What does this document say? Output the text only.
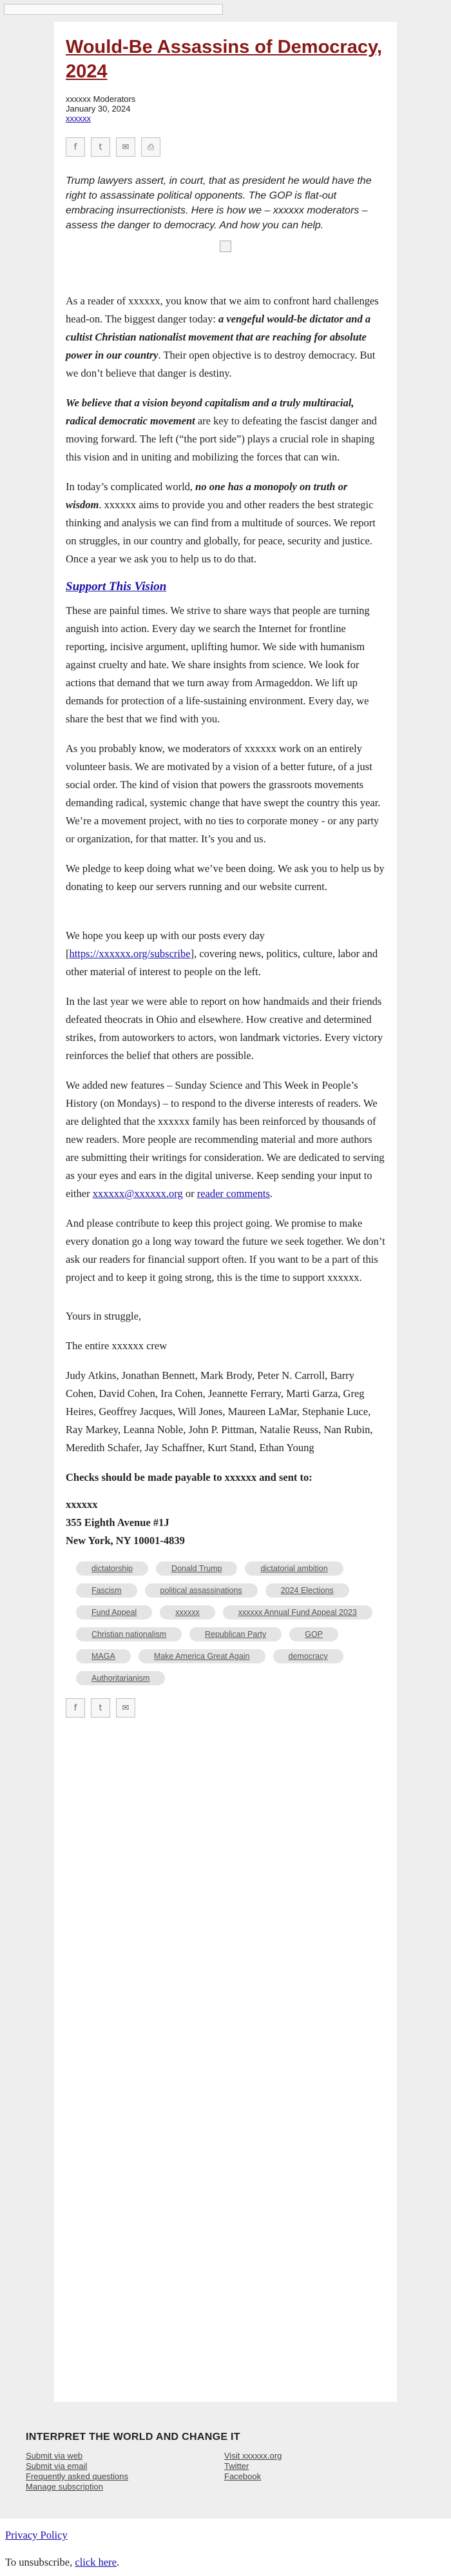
Would-Be Assassins of Democracy, 2024
xxxxxx Moderators
January 30, 2024
xxxxxx
f	t	✉	⎙

Trump lawyers assert, in court, that as president he would have the right to assassinate political opponents. The GOP is flat-out embracing insurrectionists. Here is how we – xxxxxx moderators – assess the danger to democracy. And how you can help.

As a reader of xxxxxx, you know that we aim to confront hard challenges head-on. The biggest danger today: a vengeful would-be dictator and a cultist Christian nationalist movement that are reaching for absolute power in our country. Their open objective is to destroy democracy. But we don’t believe that danger is destiny.

We believe that a vision beyond capitalism and a truly multiracial, radical democratic movement are key to defeating the fascist danger and moving forward. The left (“the port side”) plays a crucial role in shaping this vision and in uniting and mobilizing the forces that can win.

In today’s complicated world, no one has a monopoly on truth or wisdom. xxxxxx aims to provide you and other readers the best strategic thinking and analysis we can find from a multitude of sources. We report on struggles, in our country and globally, for peace, security and justice. Once a year we ask you to help us to do that.

Support This Vision

These are painful times. We strive to share ways that people are turning anguish into action. Every day we search the Internet for frontline reporting, incisive argument, uplifting humor. We side with humanism against cruelty and hate. We share insights from science. We look for actions that demand that we turn away from Armageddon. We lift up demands for protection of a life-sustaining environment. Every day, we share the best that we find with you.

As you probably know, we moderators of xxxxxx work on an entirely volunteer basis. We are motivated by a vision of a better future, of a just social order. The kind of vision that powers the grassroots movements demanding radical, systemic change that have swept the country this year. We’re a movement project, with no ties to corporate money - or any party or organization, for that matter. It’s you and us.

We pledge to keep doing what we’ve been doing. We ask you to help us by donating to keep our servers running and our website current.

We hope you keep up with our posts every day [https://xxxxxx.org/subscribe], covering news, politics, culture, labor and other material of interest to people on the left.

In the last year we were able to report on how handmaids and their friends defeated theocrats in Ohio and elsewhere. How creative and determined strikes, from autoworkers to actors, won landmark victories. Every victory reinforces the belief that others are possible.

We added new features – Sunday Science and This Week in People’s History (on Mondays) – to respond to the diverse interests of readers. We are delighted that the xxxxxx family has been reinforced by thousands of new readers. More people are recommending material and more authors are submitting their writings for consideration. We are dedicated to serving as your eyes and ears in the digital universe. Keep sending your input to either xxxxxx@xxxxxx.org or reader comments.

And please contribute to keep this project going. We promise to make every donation go a long way toward the future we seek together. We don’t ask our readers for financial support often. If you want to be a part of this project and to keep it going strong, this is the time to support xxxxxx.

Yours in struggle,

The entire xxxxxx crew

Judy Atkins, Jonathan Bennett, Mark Brody, Peter N. Carroll, Barry Cohen, David Cohen, Ira Cohen, Jeannette Ferrary, Marti Garza, Greg Heires, Geoffrey Jacques, Will Jones, Maureen LaMar, Stephanie Luce, Ray Markey, Leanna Noble, John P. Pittman, Natalie Reuss, Nan Rubin, Meredith Schafer, Jay Schaffner, Kurt Stand, Ethan Young

Checks should be made payable to xxxxxx and sent to:

xxxxxx
355 Eighth Avenue #1J
New York, NY 10001-4839
dictatorship	Donald Trump	dictatorial ambition
Fascism	political assassinations	2024 Elections
Fund Appeal	xxxxxx	xxxxxx Annual Fund Appeal 2023
Christian nationalism	Republican Party	GOP
MAGA	Make America Great Again	democracy
Authoritarianism
f	t	✉
INTERPRET THE WORLD AND CHANGE IT
Submit via web
Submit via email
Frequently asked questions
Manage subscription
Visit xxxxxx.org
Twitter
Facebook
Privacy Policy
To unsubscribe, click here.
